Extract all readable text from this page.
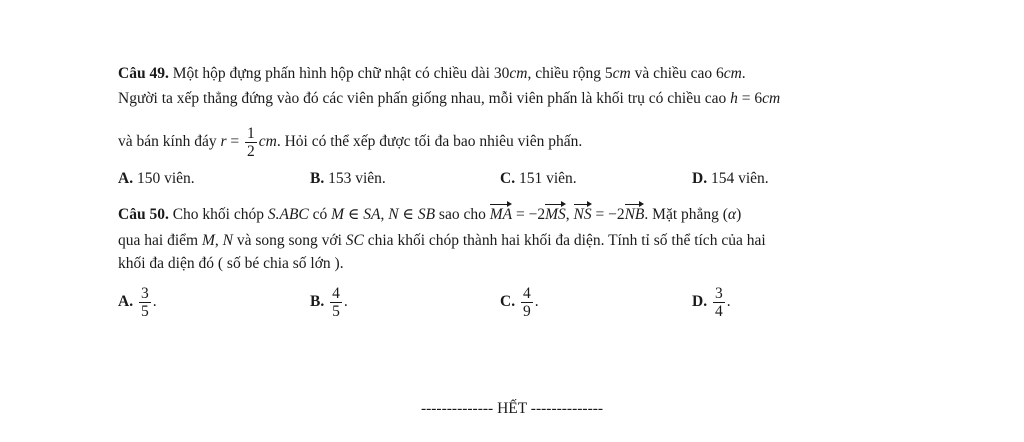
Câu 49. Một hộp đựng phấn hình hộp chữ nhật có chiều dài 30cm, chiều rộng 5cm và chiều cao 6cm.
Người ta xếp thẳng đứng vào đó các viên phấn giống nhau, mỗi viên phấn là khối trụ có chiều cao h = 6cm
và bán kính đáy $r = \frac{1}{2}$ cm. Hỏi có thể xếp được tối đa bao nhiêu viên phấn.
A. 150 viên.	B. 153 viên.	C. 151 viên.	D. 154 viên.
Câu 50. Cho khối chóp S.ABC có M ∈ SA, N ∈ SB sao cho MA = −2MS, NS = −2NB. Mặt phẳng (α)
qua hai điểm M, N và song song với SC chia khối chóp thành hai khối đa diện. Tính tỉ số thể tích của hai
khối đa diện đó ( số bé chia số lớn ).
A. $\frac{3}{5}$ .	B. $\frac{4}{5}$ .	C. $\frac{4}{9}$ .	D. $\frac{3}{4}$ .
-------------- HẾT --------------
